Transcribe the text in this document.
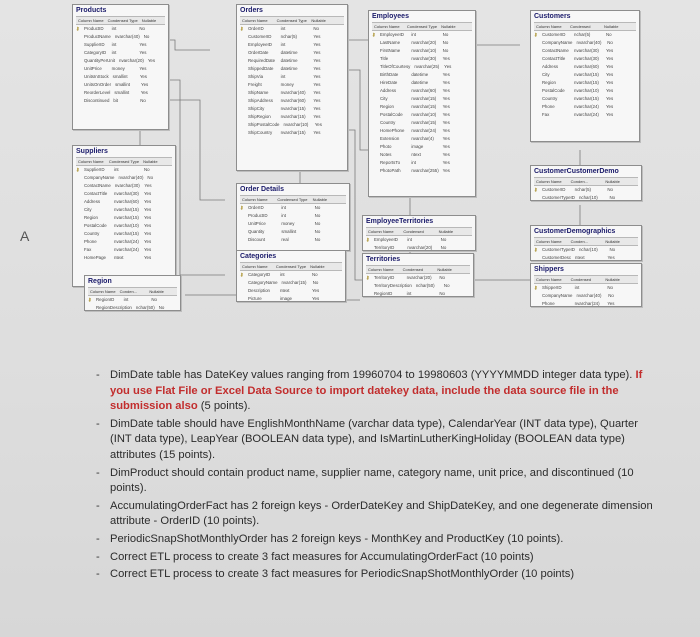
Products
Column Name	Condensed Type	Nullable
⚷	ProductID	int	No
ProductName nvarchar(40) No
SupplierID	int	Yes
CategoryID	int	Yes
QuantityPerUnit nvarchar(20) Yes
UnitPrice	money	Yes
UnitsInStock smallint	Yes
UnitsOnOrder smallint	Yes
ReorderLevel smallint	Yes
Discontinued bit	No
Orders
Column Name	Condensed Type	Nullable
⚷	OrderID	int	No
CustomerID	nchar(5)	Yes
EmployeeID	int	Yes
OrderDate	datetime	Yes
RequiredDate	datetime	Yes
ShippedDate	datetime	Yes
ShipVia	int	Yes
Freight	money	Yes
ShipName	nvarchar(40)	Yes
ShipAddress	nvarchar(60)	Yes
ShipCity	nvarchar(15)	Yes
ShipRegion	nvarchar(15)	Yes
ShipPostalCode nvarchar(10)	Yes
ShipCountry	nvarchar(15)	Yes
Employees
Column Name	Condensed Type	Nullable
⚷	EmployeeID	int	No
LastName	nvarchar(20)	No
FirstName	nvarchar(10)	No
Title	nvarchar(30)	Yes
TitleOfCourtesy nvarchar(25)	Yes
BirthDate	datetime	Yes
HireDate	datetime	Yes
Address	nvarchar(60)	Yes
City	nvarchar(15)	Yes
Region	nvarchar(15)	Yes
PostalCode	nvarchar(10)	Yes
Country	nvarchar(15)	Yes
HomePhone	nvarchar(24)	Yes
Extension	nvarchar(4)	Yes
Photo	image	Yes
Notes	ntext	Yes
ReportsTo	int	Yes
PhotoPath	nvarchar(255) Yes
Customers
Column Name	Condensed	Nullable
⚷	CustomerID	nchar(5)	No
CompanyName nvarchar(40)	No
ContactName	nvarchar(30)	Yes
ContactTitle	nvarchar(30)	Yes
Address	nvarchar(60)	Yes
City	nvarchar(15)	Yes
Region	nvarchar(15)	Yes
PostalCode	nvarchar(10)	Yes
Country	nvarchar(15)	Yes
Phone	nvarchar(24)	Yes
Fax	nvarchar(24)	Yes
Suppliers
Column Name	Condensed Type	Nullable
⚷	SupplierID	int	No
CompanyName nvarchar(40) No
ContactName nvarchar(30)	Yes
ContactTitle	nvarchar(30)	Yes
Address	nvarchar(60)	Yes
City	nvarchar(15)	Yes
Region	nvarchar(15)	Yes
PostalCode	nvarchar(10)	Yes
Country	nvarchar(15)	Yes
Phone	nvarchar(24)	Yes
Fax	nvarchar(24)	Yes
HomePage	ntext	Yes
Order Details
Column Name	Condensed Type	Nullable
⚷	OrderID	int	No
ProductID	int	No
UnitPrice	money	No
Quantity	smallint	No
Discount	real	No
EmployeeTerritories
Column Name	Condensed	Nullable
⚷	EmployeeID	int	No
TerritoryID	nvarchar(20)	No
CustomerCustomerDemo
Column Name	Conden...	Nullable
⚷	CustomerID	nchar(5)	No
CustomerTypeID nchar(10)	No
CustomerDemographics
Column Name	Conden...	Nullable
⚷	CustomerTypeID nchar(10)	No
CustomerDesc ntext	Yes
Categories
Column Name	Condensed Type	Nullable
⚷	CategoryID	int	No
CategoryName nvarchar(15)	No
Description	ntext	Yes
Picture	image	Yes
Territories
Column Name	Condensed	Nullable
⚷	TerritoryID	nvarchar(20)	No
TerritoryDescription nchar(50)	No
RegionID	int	No
Region
Column Name	Conden...	Nullable
⚷	RegionID	int	No
RegionDescription nchar(50) No
Shippers
Column Name	Condensed	Nullable
⚷	ShipperID	int	No
CompanyName nvarchar(40)	No
Phone	nvarchar(24)	Yes
A
- DimDate table has DateKey values ranging from 19960704 to 19980603 (YYYYMMDD integer data type). If you use Flat File or Excel Data Source to import datekey data, include the data source file in the submission also (5 points).
- DimDate table should have EnglishMonthName (varchar data type), CalendarYear (INT data type), Quarter (INT data type), LeapYear (BOOLEAN data type), and IsMartinLutherKingHoliday (BOOLEAN data type) attributes (15 points).
- DimProduct should contain product name, supplier name, category name, unit price, and discontinued (10 points).
- AccumulatingOrderFact has 2 foreign keys - OrderDateKey and ShipDateKey, and one degenerate dimension attribute - OrderID (10 points).
- PeriodicSnapShotMonthlyOrder has 2 foreign keys - MonthKey and ProductKey (10 points).
- Correct ETL process to create 3 fact measures for AccumulatingOrderFact (10 points)
- Correct ETL process to create 3 fact measures for PeriodicSnapShotMonthlyOrder (10 points)
